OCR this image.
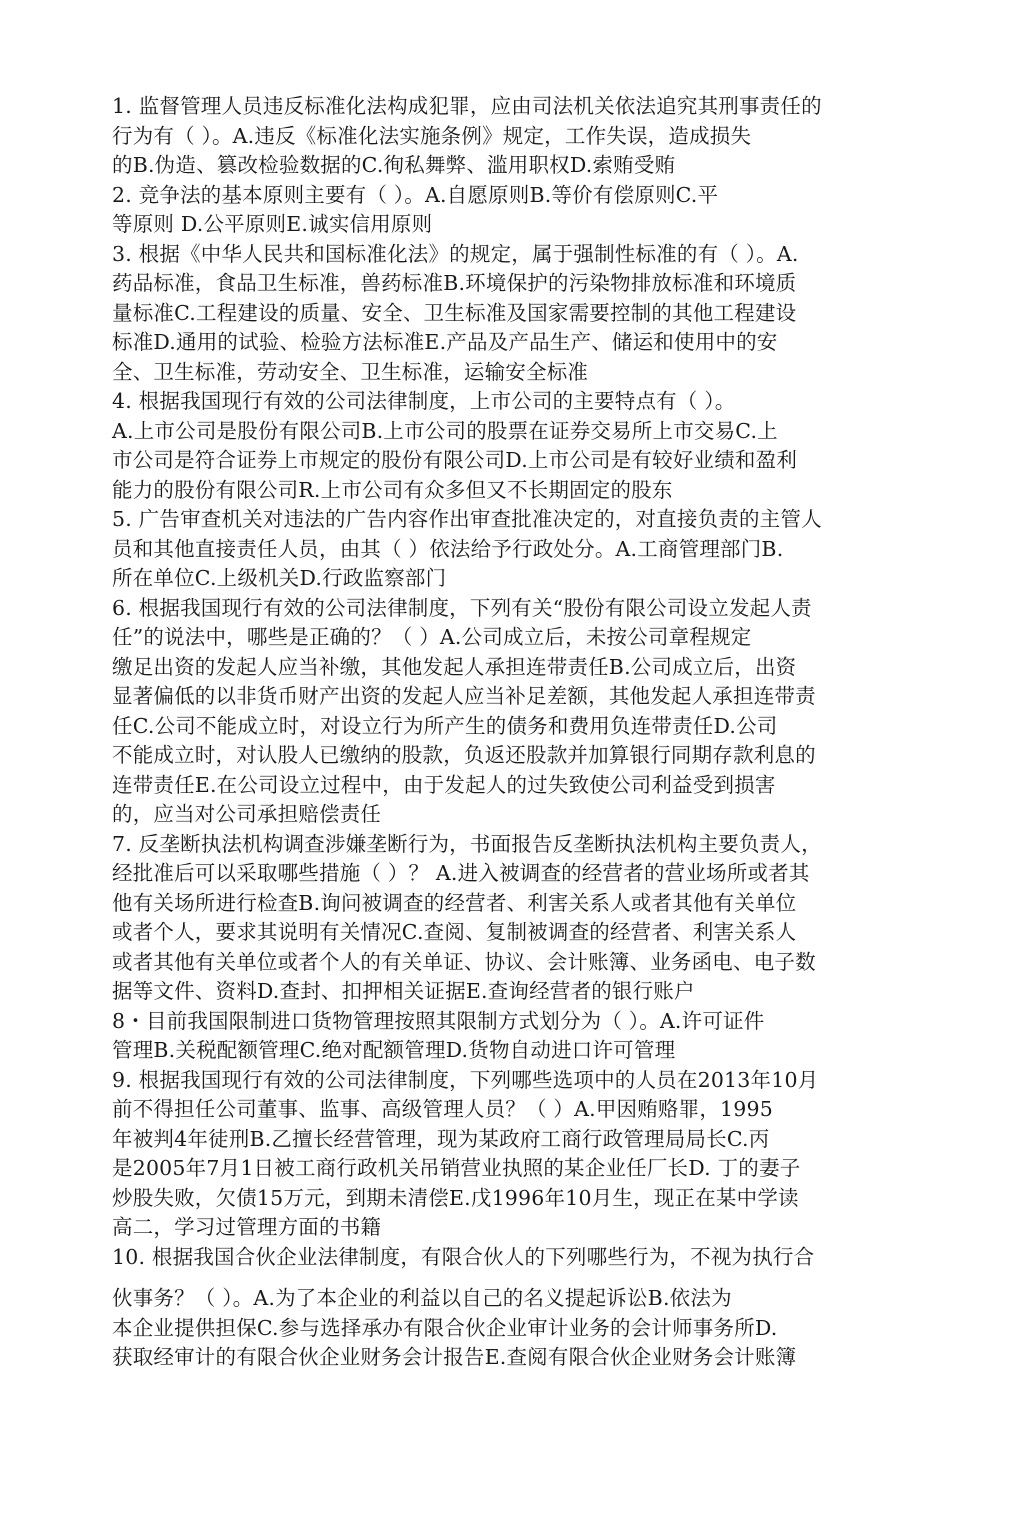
1. 监督管理人员违反标准化法构成犯罪，应由司法机关依法追究其刑事责任的
行为有（ ）。A.违反《标准化法实施条例》规定，工作失误，造成损失
的B.伪造、篡改检验数据的C.徇私舞弊、滥用职权D.索贿受贿
2. 竞争法的基本原则主要有（ ）。A.自愿原则B.等价有偿原则C.平
等原则 D.公平原则E.诚实信用原则
3. 根据《中华人民共和国标准化法》的规定，属于强制性标准的有（ ）。A.
药品标准，食品卫生标准，兽药标准B.环境保护的污染物排放标准和环境质
量标准C.工程建设的质量、安全、卫生标准及国家需要控制的其他工程建设
标准D.通用的试验、检验方法标准E.产品及产品生产、储运和使用中的安
全、卫生标准，劳动安全、卫生标准，运输安全标准
4. 根据我国现行有效的公司法律制度，上市公司的主要特点有（ ）。
A.上市公司是股份有限公司B.上市公司的股票在证券交易所上市交易C.上
市公司是符合证券上市规定的股份有限公司D.上市公司是有较好业绩和盈利
能力的股份有限公司R.上市公司有众多但又不长期固定的股东
5. 广告审查机关对违法的广告内容作出审查批准决定的，对直接负责的主管人
员和其他直接责任人员，由其（ ）依法给予行政处分。A.工商管理部门B.
所在单位C.上级机关D.行政监察部门
6. 根据我国现行有效的公司法律制度，下列有关“股份有限公司设立发起人责
任”的说法中，哪些是正确的？（ ）A.公司成立后，未按公司章程规定
缴足出资的发起人应当补缴，其他发起人承担连带责任B.公司成立后，出资
显著偏低的以非货币财产出资的发起人应当补足差额，其他发起人承担连带责
任C.公司不能成立时，对设立行为所产生的债务和费用负连带责任D.公司
不能成立时，对认股人已缴纳的股款，负返还股款并加算银行同期存款利息的
连带责任E.在公司设立过程中，由于发起人的过失致使公司利益受到损害
的，应当对公司承担赔偿责任
7. 反垄断执法机构调查涉嫌垄断行为，书面报告反垄断执法机构主要负责人，
经批准后可以采取哪些措施（ ）？ A.进入被调查的经营者的营业场所或者其
他有关场所进行检查B.询问被调查的经营者、利害关系人或者其他有关单位
或者个人，要求其说明有关情况C.查阅、复制被调查的经营者、利害关系人
或者其他有关单位或者个人的有关单证、协议、会计账簿、业务函电、电子数
据等文件、资料D.查封、扣押相关证据E.查询经营者的银行账户
8・目前我国限制进口货物管理按照其限制方式划分为（ ）。A.许可证件
管理B.关税配额管理C.绝对配额管理D.货物自动进口许可管理
9. 根据我国现行有效的公司法律制度，下列哪些选项中的人员在2013年10月
前不得担任公司董事、监事、高级管理人员？（ ）A.甲因贿赂罪，1995
年被判4年徒刑B.乙擅长经营管理，现为某政府工商行政管理局局长C.丙
是2005年7月1日被工商行政机关吊销营业执照的某企业任厂长D. 丁的妻子
炒股失败，欠债15万元，到期未清偿E.戊1996年10月生，现正在某中学读
高二，学习过管理方面的书籍
10. 根据我国合伙企业法律制度，有限合伙人的下列哪些行为，不视为执行合
伙事务？（ ）。A.为了本企业的利益以自己的名义提起诉讼B.依法为
本企业提供担保C.参与选择承办有限合伙企业审计业务的会计师事务所D.
获取经审计的有限合伙企业财务会计报告E.查阅有限合伙企业财务会计账簿
